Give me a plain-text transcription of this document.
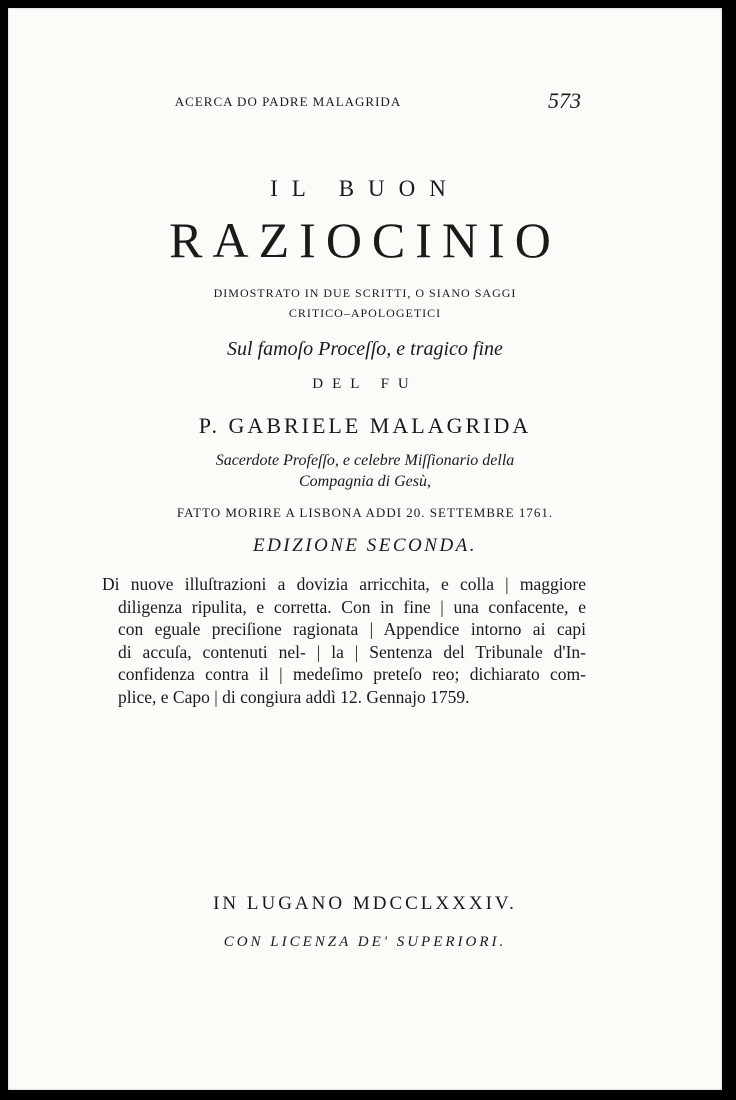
ACERCA DO PADRE MALAGRIDA	573
IL BUON
RAZIOCINIO
DIMOSTRATO IN DUE SCRITTI, O SIANO SAGGI
CRITICO–APOLOGETICI
Sul famoſo Proceſſo, e tragico fine
DEL FU
P. GABRIELE MALAGRIDA
Sacerdote Profeſſo, e celebre Miſſionario della
Compagnia di Gesù,
FATTO MORIRE A LISBONA ADDI 20. SETTEMBRE 1761.
EDIZIONE SECONDA.
Di nuove illuſtrazioni a dovizia arricchita, e colla | maggiore
diligenza ripulita, e corretta. Con in fine | una confacente, e
con eguale preciſione ragionata | Appendice intorno ai capi
di accuſa, contenuti nel- | la | Sentenza del Tribunale d'In-
confidenza contra il | medeſimo preteſo reo; dichiarato com-
plice, e Capo | di congiura addì 12. Gennajo 1759.
IN LUGANO MDCCLXXXIV.
CON LICENZA DE' SUPERIORI.
